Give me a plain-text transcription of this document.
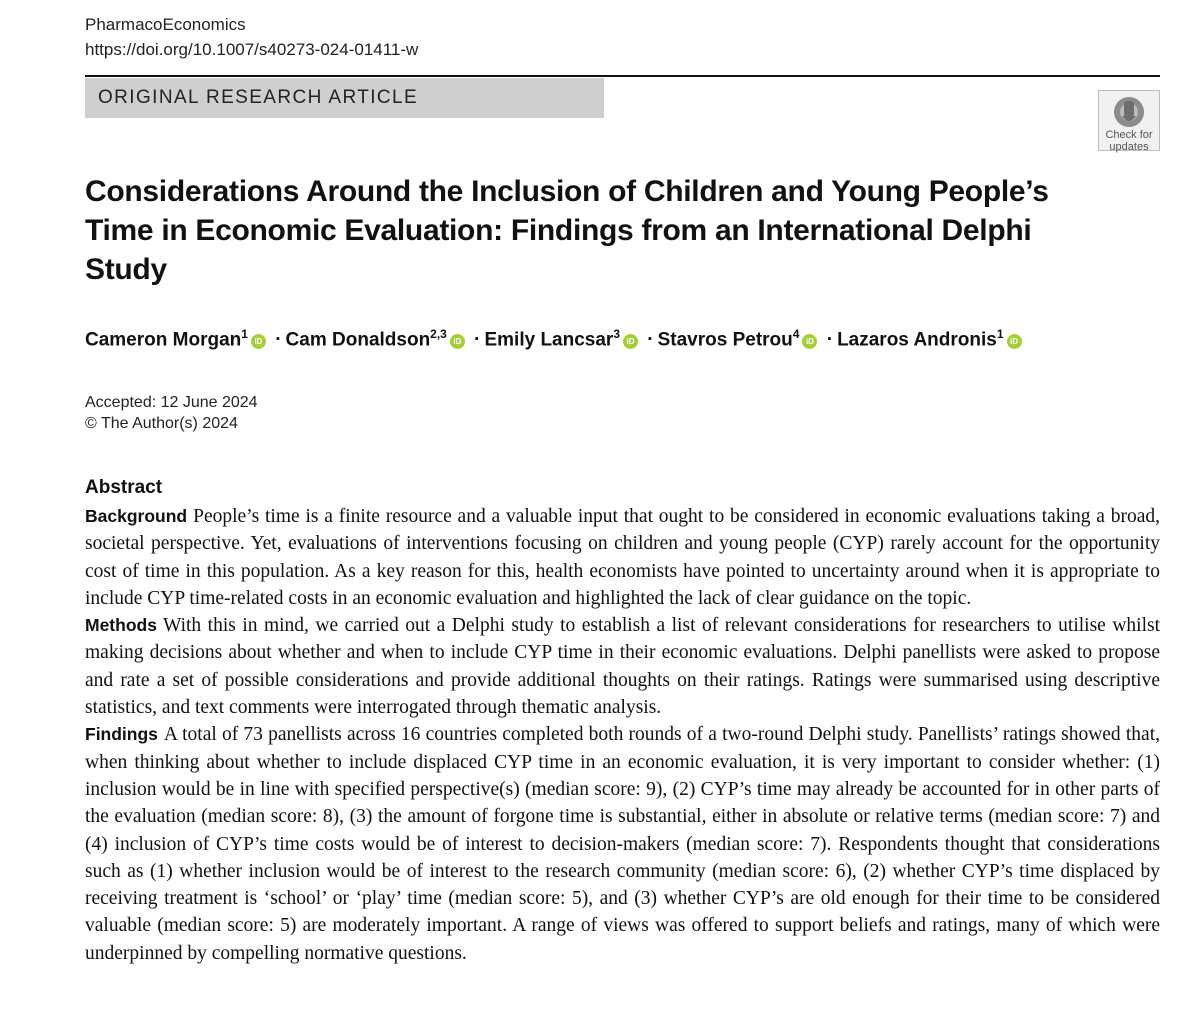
PharmacoEconomics
https://doi.org/10.1007/s40273-024-01411-w
ORIGINAL RESEARCH ARTICLE
Check for
updates
Considerations Around the Inclusion of Children and Young People’s Time in Economic Evaluation: Findings from an International Delphi Study
Cameron Morgan$^1$iD · Cam Donaldson$^{2,3}$iD · Emily Lancsar$^3$iD · Stavros Petrou$^4$iD · Lazaros Andronis$^1$iD
Accepted: 12 June 2024
© The Author(s) 2024
Abstract

Background People’s time is a finite resource and a valuable input that ought to be considered in economic evaluations taking a broad, societal perspective. Yet, evaluations of interventions focusing on children and young people (CYP) rarely account for the opportunity cost of time in this population. As a key reason for this, health economists have pointed to uncertainty around when it is appropriate to include CYP time-related costs in an economic evaluation and highlighted the lack of clear guidance on the topic.

Methods With this in mind, we carried out a Delphi study to establish a list of relevant considerations for researchers to utilise whilst making decisions about whether and when to include CYP time in their economic evaluations. Delphi panellists were asked to propose and rate a set of possible considerations and provide additional thoughts on their ratings. Ratings were summarised using descriptive statistics, and text comments were interrogated through thematic analysis.

Findings A total of 73 panellists across 16 countries completed both rounds of a two-round Delphi study. Panellists’ ratings showed that, when thinking about whether to include displaced CYP time in an economic evaluation, it is very important to consider whether: (1) inclusion would be in line with specified perspective(s) (median score: 9), (2) CYP’s time may already be accounted for in other parts of the evaluation (median score: 8), (3) the amount of forgone time is substantial, either in absolute or relative terms (median score: 7) and (4) inclusion of CYP’s time costs would be of interest to decision-makers (median score: 7). Respondents thought that considerations such as (1) whether inclusion would be of interest to the research community (median score: 6), (2) whether CYP’s time displaced by receiving treatment is ‘school’ or ‘play’ time (median score: 5), and (3) whether CYP’s are old enough for their time to be considered valuable (median score: 5) are moderately important. A range of views was offered to support beliefs and ratings, many of which were underpinned by compelling normative questions.
